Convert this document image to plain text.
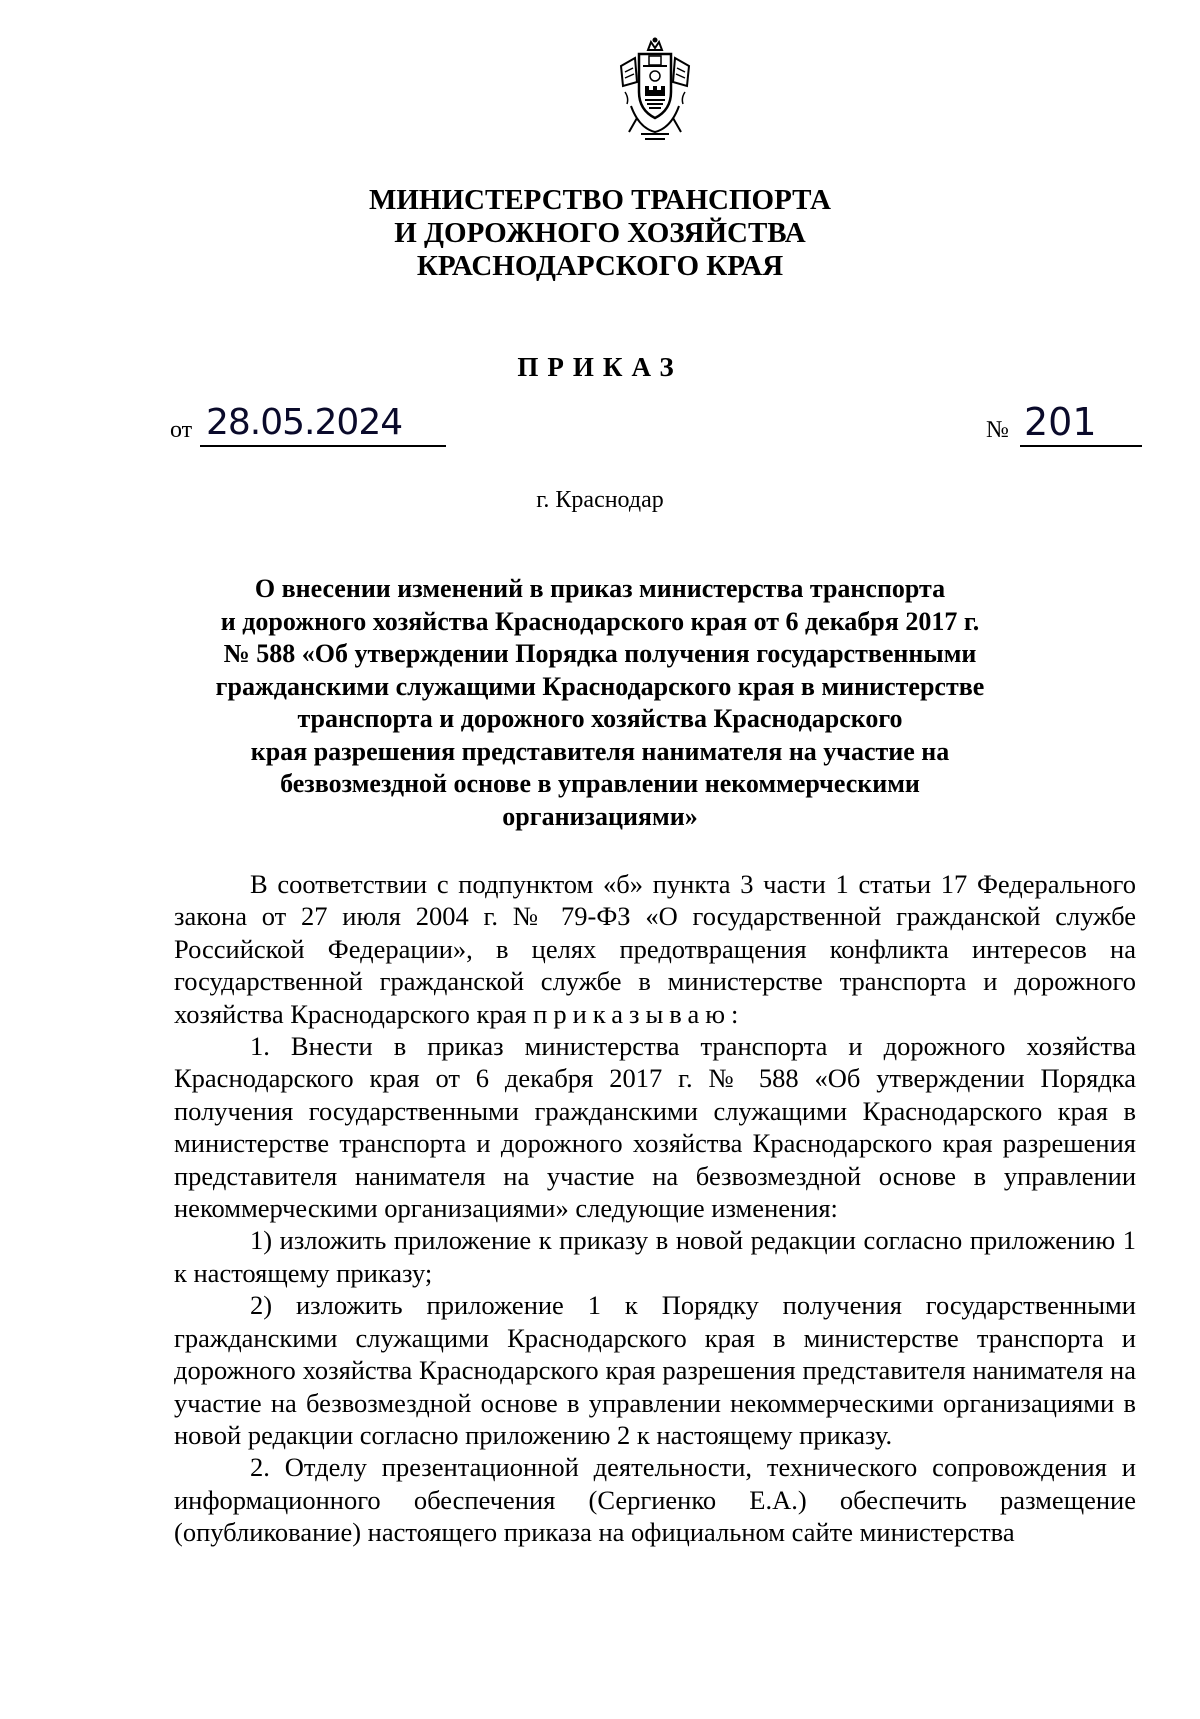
МИНИСТЕРСТВО ТРАНСПОРТА
И ДОРОЖНОГО ХОЗЯЙСТВА
КРАСНОДАРСКОГО КРАЯ
ПРИКАЗ
от 28.05.2024	№ 201
г. Краснодар
О внесении изменений в приказ министерства транспорта
и дорожного хозяйства Краснодарского края от 6 декабря 2017 г.
№ 588 «Об утверждении Порядка получения государственными
гражданскими служащими Краснодарского края в министерстве
транспорта и дорожного хозяйства Краснодарского
края разрешения представителя нанимателя на участие на
безвозмездной основе в управлении некоммерческими
организациями»

В соответствии с подпунктом «б» пункта 3 части 1 статьи 17 Федерального закона от 27 июля 2004 г. № 79-ФЗ «О государственной гражданской службе Российской Федерации», в целях предотвращения конфликта интересов на государственной гражданской службе в министерстве транспорта и дорожного хозяйства Краснодарского края приказываю:

1. Внести в приказ министерства транспорта и дорожного хозяйства Краснодарского края от 6 декабря 2017 г. № 588 «Об утверждении Порядка получения государственными гражданскими служащими Краснодарского края в министерстве транспорта и дорожного хозяйства Краснодарского края разрешения представителя нанимателя на участие на безвозмездной основе в управлении некоммерческими организациями» следующие изменения:

1) изложить приложение к приказу в новой редакции согласно приложению 1 к настоящему приказу;

2) изложить приложение 1 к Порядку получения государственными гражданскими служащими Краснодарского края в министерстве транспорта и дорожного хозяйства Краснодарского края разрешения представителя нанимателя на участие на безвозмездной основе в управлении некоммерческими организациями в новой редакции согласно приложению 2 к настоящему приказу.

2. Отделу презентационной деятельности, технического сопровождения и информационного обеспечения (Сергиенко Е.А.) обеспечить размещение (опубликование) настоящего приказа на официальном сайте министерства
